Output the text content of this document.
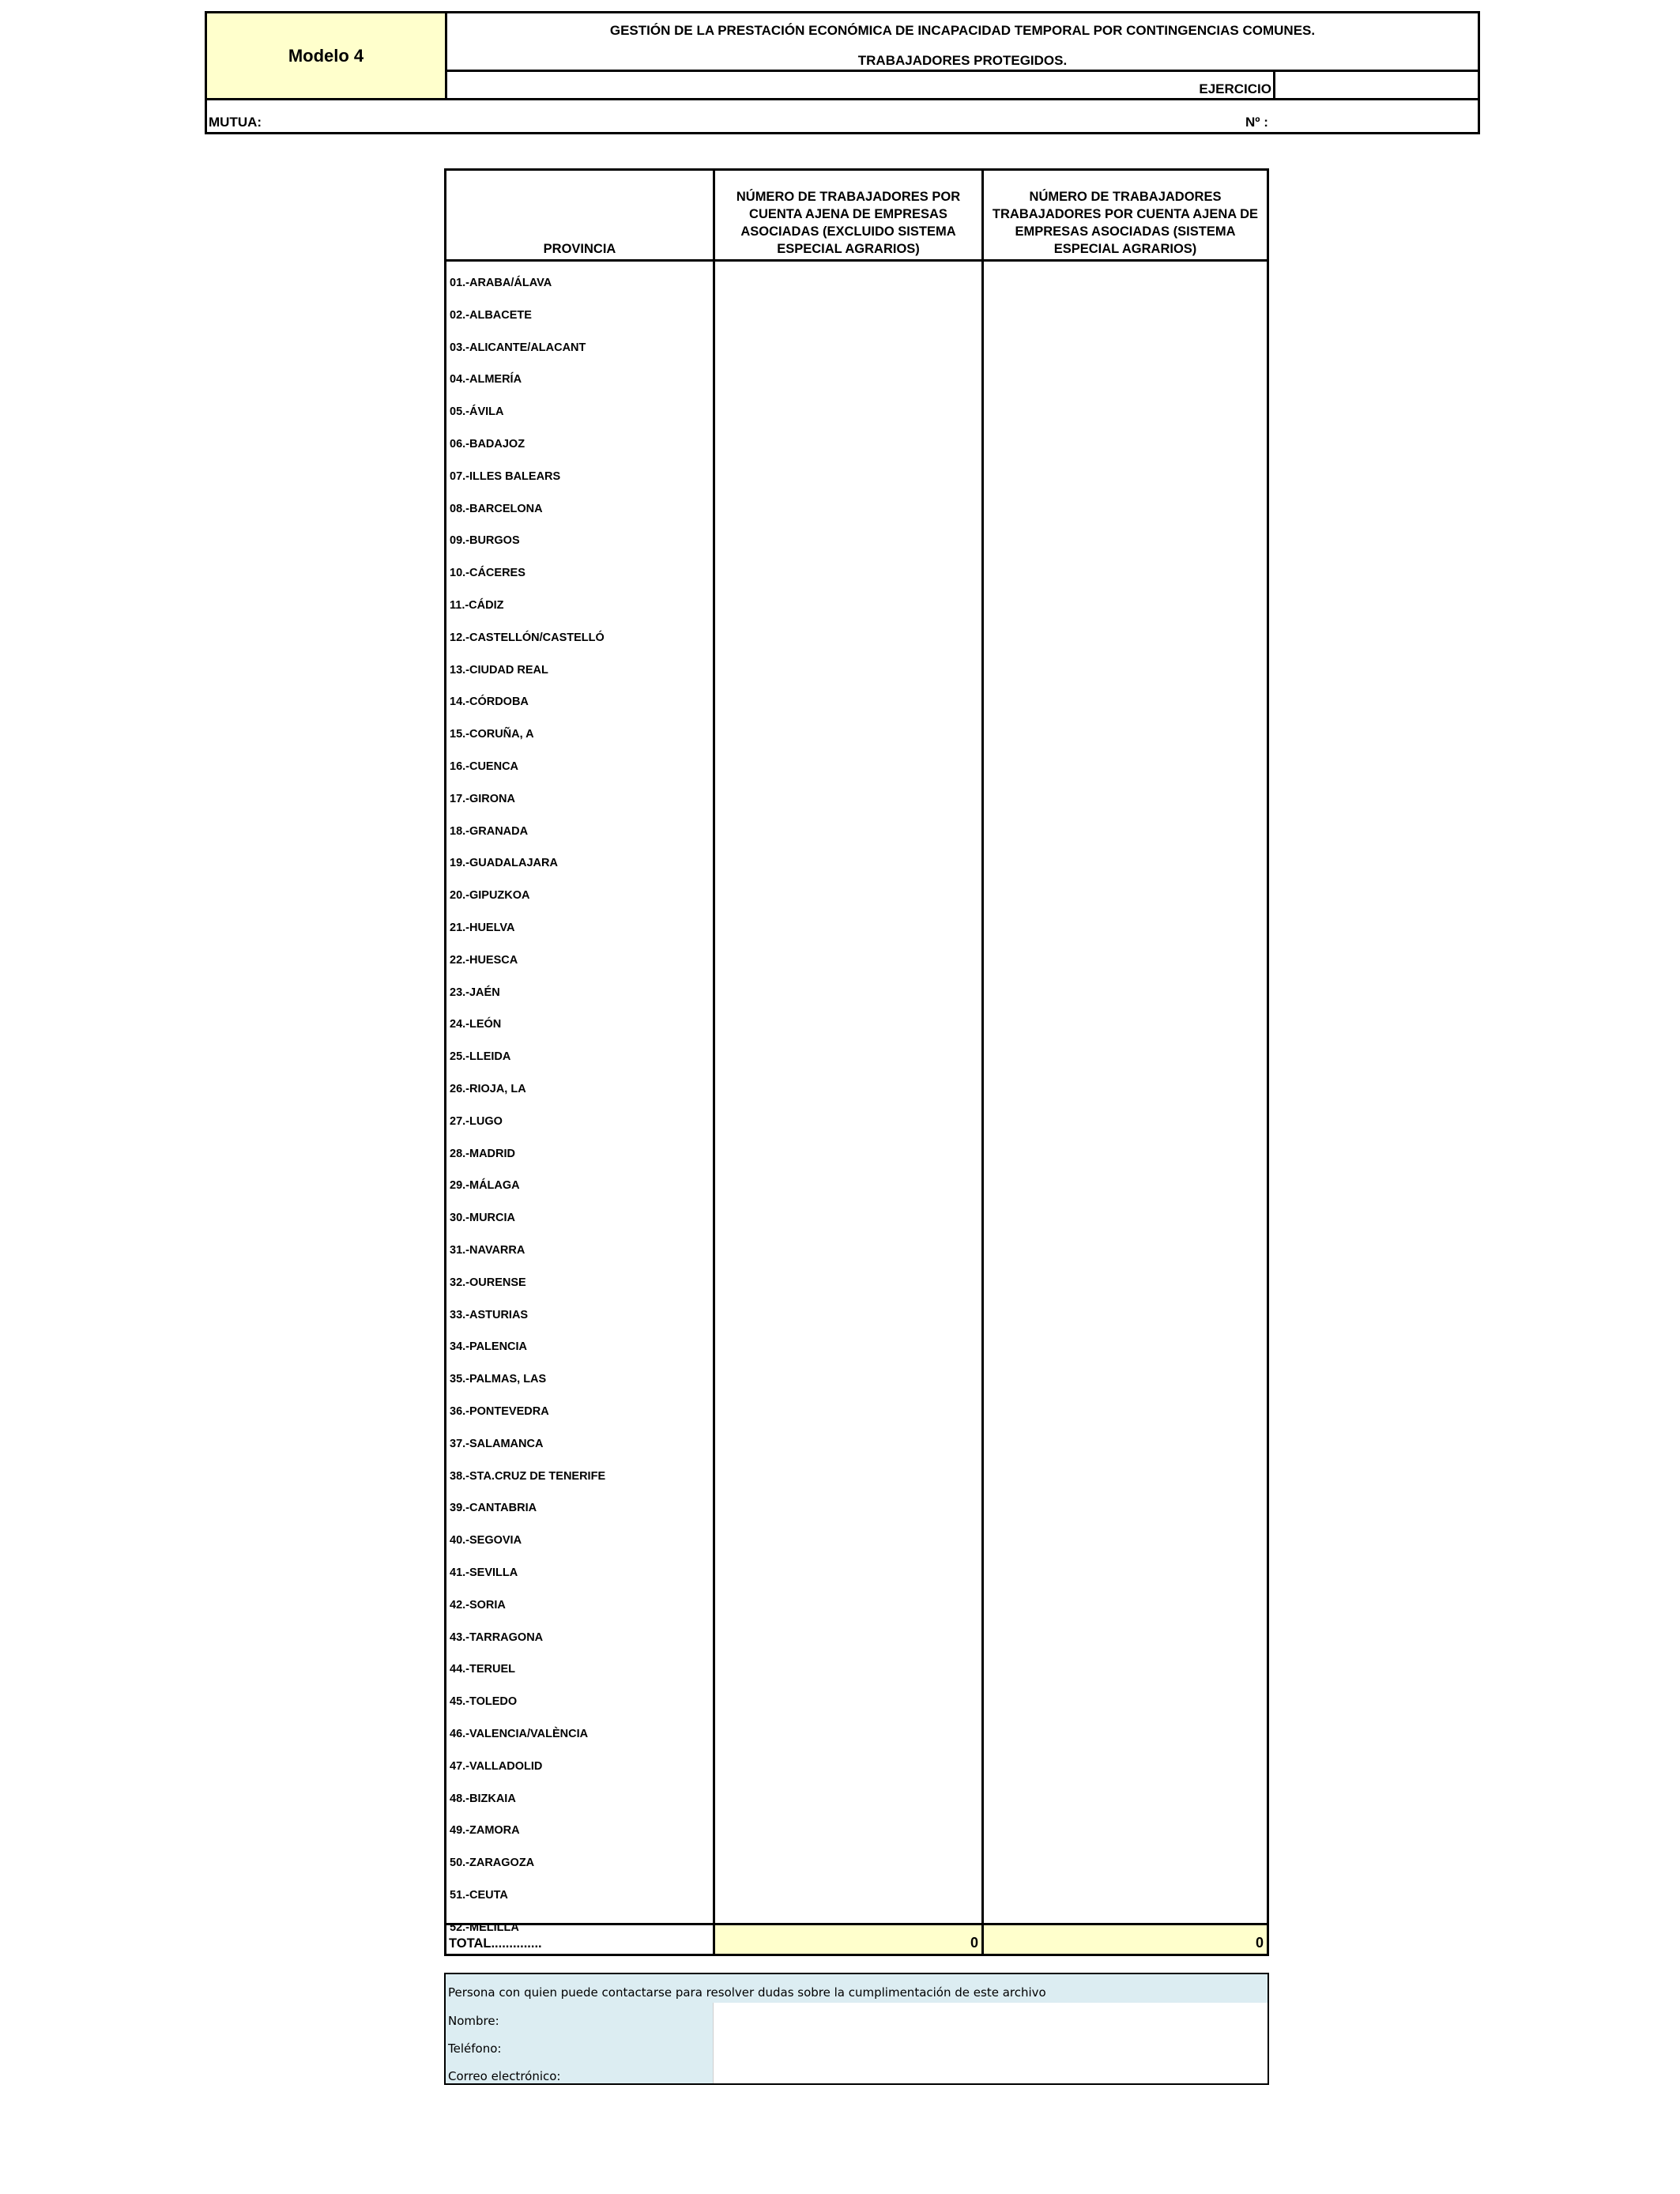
Modelo 4
GESTIÓN DE LA PRESTACIÓN ECONÓMICA DE INCAPACIDAD TEMPORAL POR CONTINGENCIAS COMUNES.
TRABAJADORES PROTEGIDOS.
EJERCICIO
MUTUA:	Nº :
PROVINCIA
NÚMERO DE TRABAJADORES POR CUENTA AJENA DE EMPRESAS ASOCIADAS (EXCLUIDO SISTEMA ESPECIAL AGRARIOS)
NÚMERO DE TRABAJADORES TRABAJADORES POR CUENTA AJENA DE EMPRESAS ASOCIADAS (SISTEMA ESPECIAL AGRARIOS)
01.-ARABA/ÁLAVA
02.-ALBACETE
03.-ALICANTE/ALACANT
04.-ALMERÍA
05.-ÁVILA
06.-BADAJOZ
07.-ILLES BALEARS
08.-BARCELONA
09.-BURGOS
10.-CÁCERES
11.-CÁDIZ
12.-CASTELLÓN/CASTELLÓ
13.-CIUDAD REAL
14.-CÓRDOBA
15.-CORUÑA, A
16.-CUENCA
17.-GIRONA
18.-GRANADA
19.-GUADALAJARA
20.-GIPUZKOA
21.-HUELVA
22.-HUESCA
23.-JAÉN
24.-LEÓN
25.-LLEIDA
26.-RIOJA, LA
27.-LUGO
28.-MADRID
29.-MÁLAGA
30.-MURCIA
31.-NAVARRA
32.-OURENSE
33.-ASTURIAS
34.-PALENCIA
35.-PALMAS, LAS
36.-PONTEVEDRA
37.-SALAMANCA
38.-STA.CRUZ DE TENERIFE
39.-CANTABRIA
40.-SEGOVIA
41.-SEVILLA
42.-SORIA
43.-TARRAGONA
44.-TERUEL
45.-TOLEDO
46.-VALENCIA/VALÈNCIA
47.-VALLADOLID
48.-BIZKAIA
49.-ZAMORA
50.-ZARAGOZA
51.-CEUTA
52.-MELILLA
TOTAL..............	0	0
Persona con quien puede contactarse para resolver dudas sobre la cumplimentación de este archivo
Nombre:
Teléfono:
Correo electrónico:
